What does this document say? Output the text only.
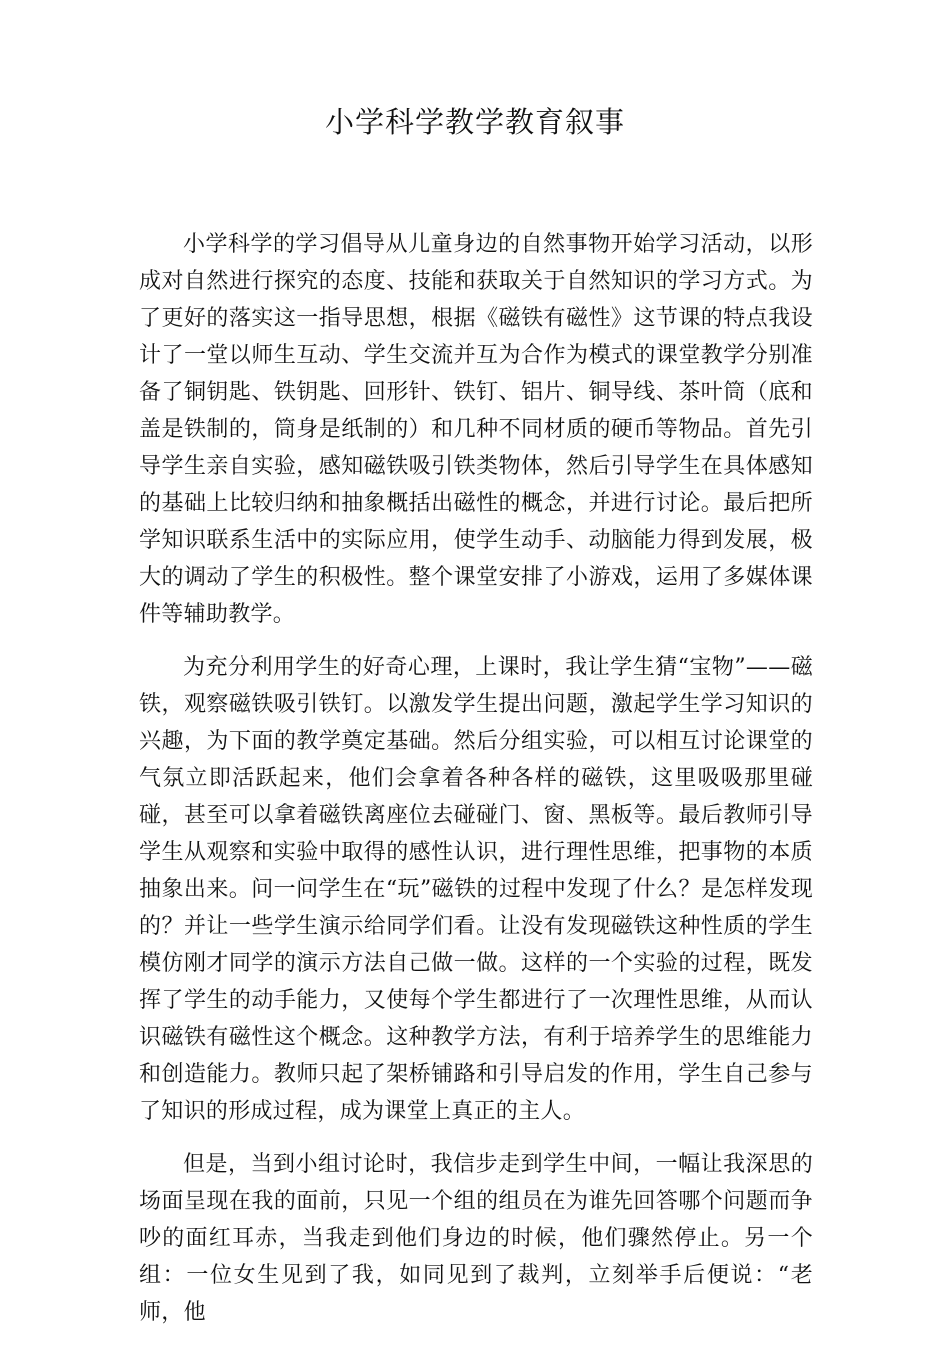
小学科学教学教育叙事

小学科学的学习倡导从儿童身边的自然事物开始学习活动，以形成对自然进行探究的态度、技能和获取关于自然知识的学习方式。为了更好的落实这一指导思想，根据《磁铁有磁性》这节课的特点我设计了一堂以师生互动、学生交流并互为合作为模式的课堂教学分别准备了铜钥匙、铁钥匙、回形针、铁钉、铝片、铜导线、茶叶筒（底和盖是铁制的，筒身是纸制的）和几种不同材质的硬币等物品。首先引导学生亲自实验，感知磁铁吸引铁类物体，然后引导学生在具体感知的基础上比较归纳和抽象概括出磁性的概念，并进行讨论。最后把所学知识联系生活中的实际应用，使学生动手、动脑能力得到发展，极大的调动了学生的积极性。整个课堂安排了小游戏，运用了多媒体课件等辅助教学。

为充分利用学生的好奇心理，上课时，我让学生猜“宝物”——磁铁，观察磁铁吸引铁钉。以激发学生提出问题，激起学生学习知识的兴趣，为下面的教学奠定基础。然后分组实验，可以相互讨论课堂的气氛立即活跃起来，他们会拿着各种各样的磁铁，这里吸吸那里碰碰，甚至可以拿着磁铁离座位去碰碰门、窗、黑板等。最后教师引导学生从观察和实验中取得的感性认识，进行理性思维，把事物的本质抽象出来。问一问学生在“玩”磁铁的过程中发现了什么？是怎样发现的？并让一些学生演示给同学们看。让没有发现磁铁这种性质的学生模仿刚才同学的演示方法自己做一做。这样的一个实验的过程，既发挥了学生的动手能力，又使每个学生都进行了一次理性思维，从而认识磁铁有磁性这个概念。这种教学方法，有利于培养学生的思维能力和创造能力。教师只起了架桥铺路和引导启发的作用，学生自己参与了知识的形成过程，成为课堂上真正的主人。

但是，当到小组讨论时，我信步走到学生中间，一幅让我深思的场面呈现在我的面前，只见一个组的组员在为谁先回答哪个问题而争吵的面红耳赤，当我走到他们身边的时候，他们骤然停止。另一个组：一位女生见到了我，如同见到了裁判，立刻举手后便说：“老师，他
